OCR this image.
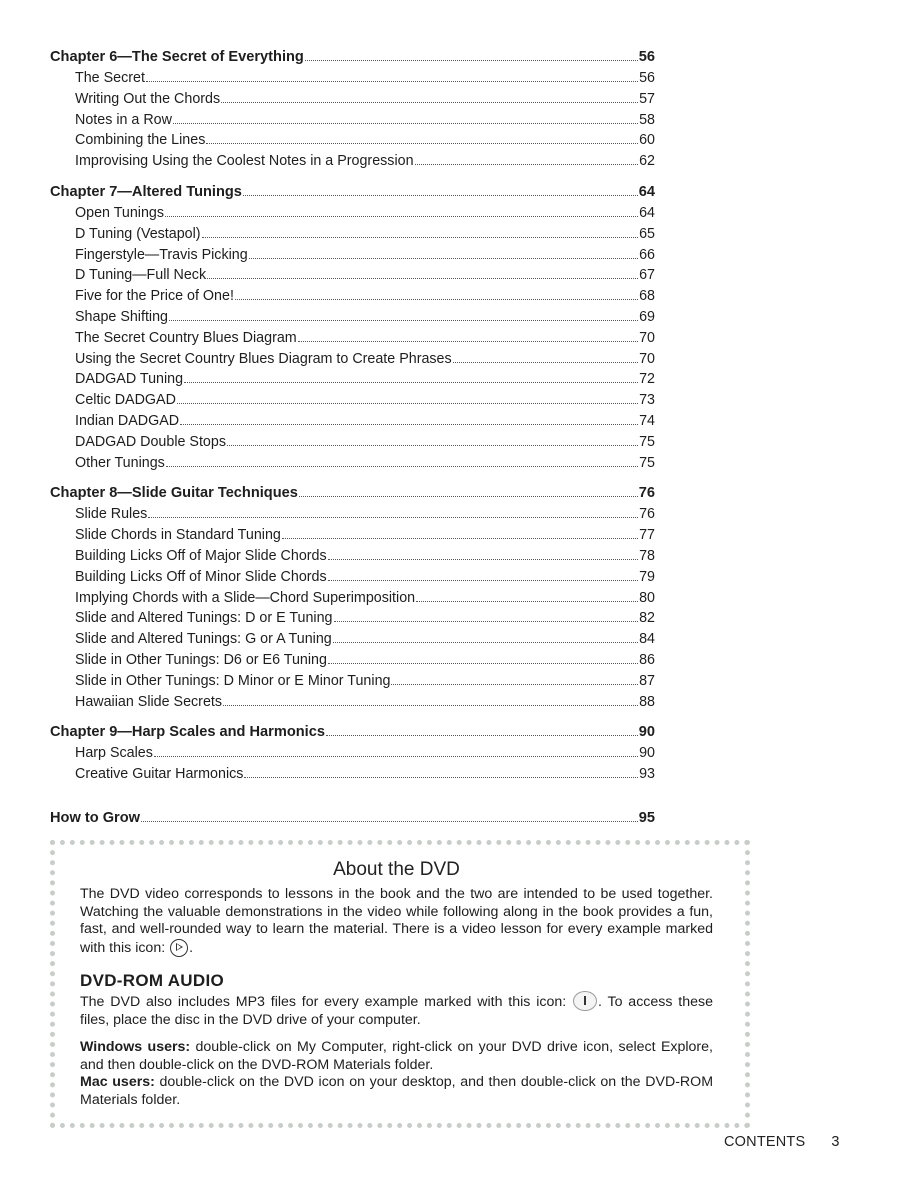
Chapter 6—The Secret of Everything	56
The Secret	56
Writing Out the Chords	57
Notes in a Row	58
Combining the Lines	60
Improvising Using the Coolest Notes in a Progression	62
Chapter 7—Altered Tunings	64
Open Tunings	64
D Tuning (Vestapol)	65
Fingerstyle—Travis Picking	66
D Tuning—Full Neck	67
Five for the Price of One!	68
Shape Shifting	69
The Secret Country Blues Diagram	70
Using the Secret Country Blues Diagram to Create Phrases	70
DADGAD Tuning	72
Celtic DADGAD	73
Indian DADGAD	74
DADGAD Double Stops	75
Other Tunings	75
Chapter 8—Slide Guitar Techniques	76
Slide Rules	76
Slide Chords in Standard Tuning	77
Building Licks Off of Major Slide Chords	78
Building Licks Off of Minor Slide Chords	79
Implying Chords with a Slide—Chord Superimposition	80
Slide and Altered Tunings: D or E Tuning	82
Slide and Altered Tunings: G or A Tuning	84
Slide in Other Tunings: D6 or E6 Tuning	86
Slide in Other Tunings: D Minor or E Minor Tuning	87
Hawaiian Slide Secrets	88
Chapter 9—Harp Scales and Harmonics	90
Harp Scales	90
Creative Guitar Harmonics	93
How to Grow	95
About the DVD
The DVD video corresponds to lessons in the book and the two are intended to be used together. Watching the valuable demonstrations in the video while following along in the book provides a fun, fast, and well-rounded way to learn the material. There is a video lesson for every example marked with this icon: .
DVD-ROM AUDIO
The DVD also includes MP3 files for every example marked with this icon: . To access these files, place the disc in the DVD drive of your computer.
Windows users: double-click on My Computer, right-click on your DVD drive icon, select Explore, and then double-click on the DVD-ROM Materials folder.
Mac users: double-click on the DVD icon on your desktop, and then double-click on the DVD-ROM Materials folder.
CONTENTS 3
